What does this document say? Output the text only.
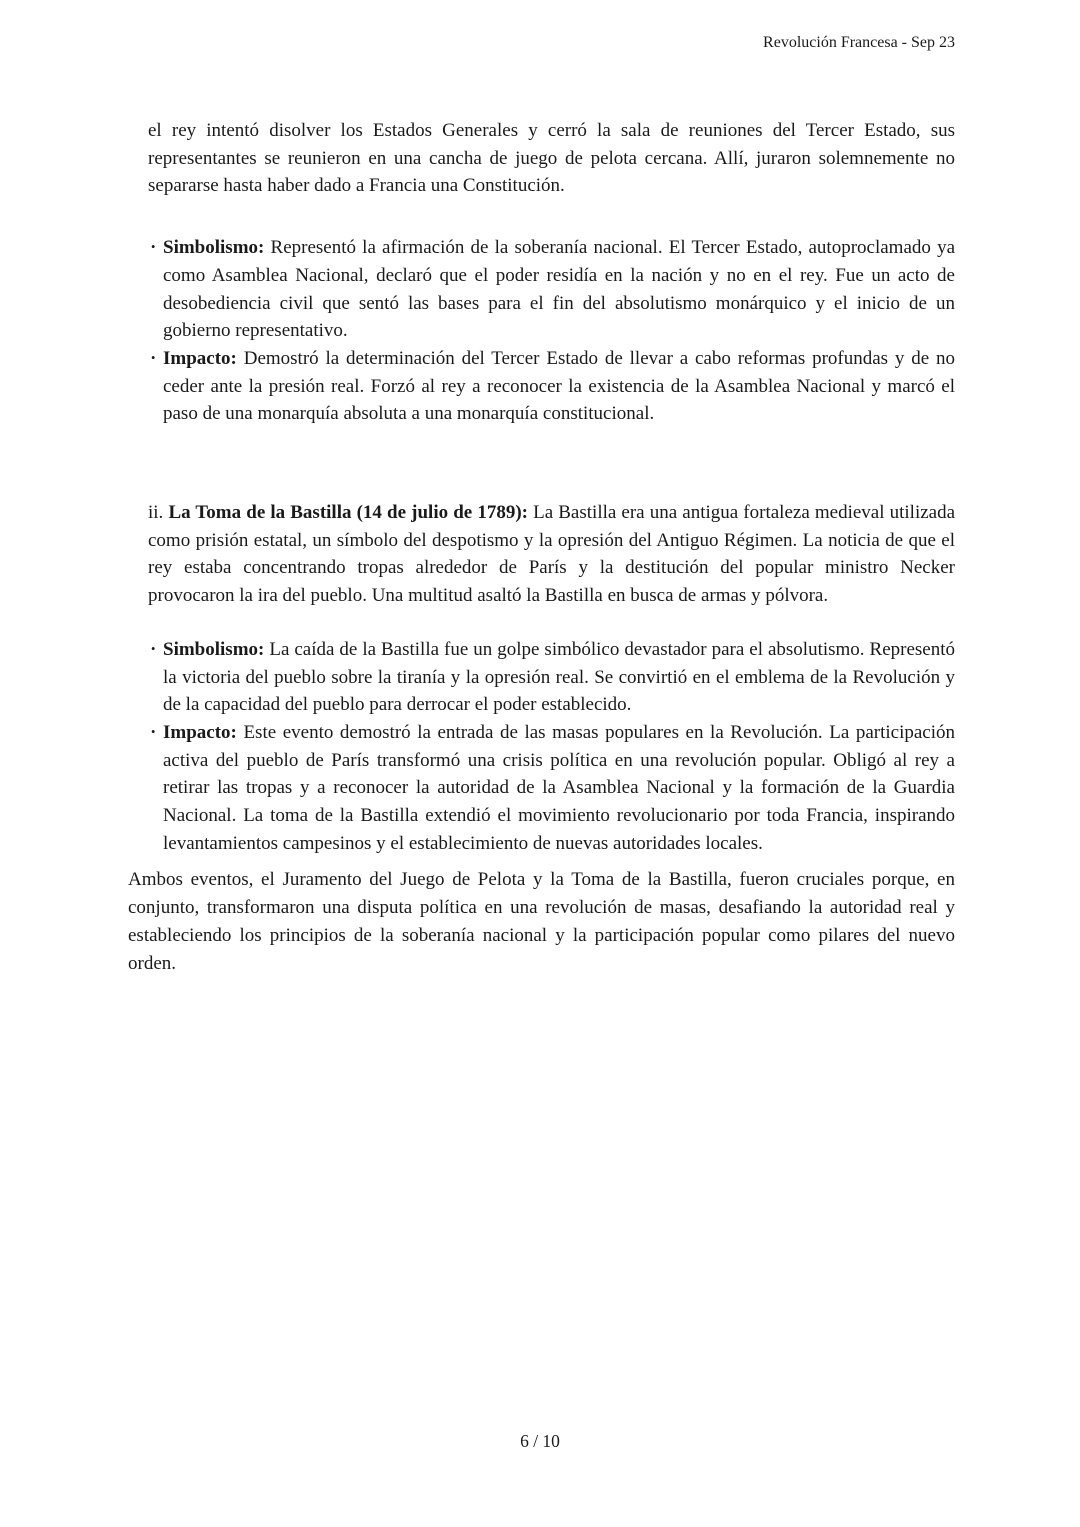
Revolución Francesa - Sep 23

el rey intentó disolver los Estados Generales y cerró la sala de reuniones del Tercer Estado, sus representantes se reunieron en una cancha de juego de pelota cercana. Allí, juraron solemnemente no separarse hasta haber dado a Francia una Constitución.

• Simbolismo: Representó la afirmación de la soberanía nacional. El Tercer Estado, autoproclamado ya como Asamblea Nacional, declaró que el poder residía en la nación y no en el rey. Fue un acto de desobediencia civil que sentó las bases para el fin del absolutismo monárquico y el inicio de un gobierno representativo.

• Impacto: Demostró la determinación del Tercer Estado de llevar a cabo reformas profundas y de no ceder ante la presión real. Forzó al rey a reconocer la existencia de la Asamblea Nacional y marcó el paso de una monarquía absoluta a una monarquía constitucional.

ii. La Toma de la Bastilla (14 de julio de 1789): La Bastilla era una antigua fortaleza medieval utilizada como prisión estatal, un símbolo del despotismo y la opresión del Antiguo Régimen. La noticia de que el rey estaba concentrando tropas alrededor de París y la destitución del popular ministro Necker provocaron la ira del pueblo. Una multitud asaltó la Bastilla en busca de armas y pólvora.

• Simbolismo: La caída de la Bastilla fue un golpe simbólico devastador para el absolutismo. Representó la victoria del pueblo sobre la tiranía y la opresión real. Se convirtió en el emblema de la Revolución y de la capacidad del pueblo para derrocar el poder establecido.

• Impacto: Este evento demostró la entrada de las masas populares en la Revolución. La participación activa del pueblo de París transformó una crisis política en una revolución popular. Obligó al rey a retirar las tropas y a reconocer la autoridad de la Asamblea Nacional y la formación de la Guardia Nacional. La toma de la Bastilla extendió el movimiento revolucionario por toda Francia, inspirando levantamientos campesinos y el establecimiento de nuevas autoridades locales.

Ambos eventos, el Juramento del Juego de Pelota y la Toma de la Bastilla, fueron cruciales porque, en conjunto, transformaron una disputa política en una revolución de masas, desafiando la autoridad real y estableciendo los principios de la soberanía nacional y la participación popular como pilares del nuevo orden.

6 / 10
